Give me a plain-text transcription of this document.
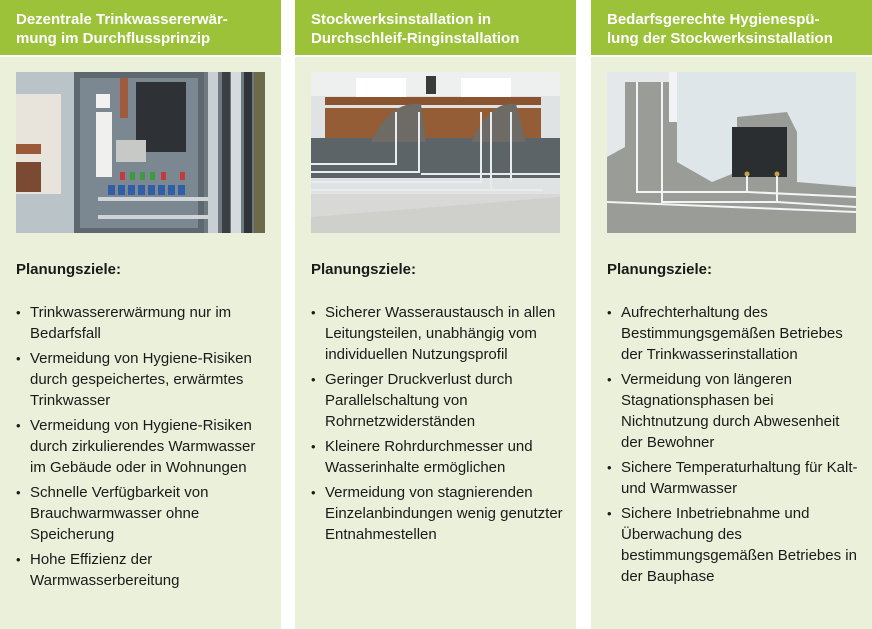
Dezentrale Trinkwassererwär-
mung im Durchflussprinzip
Planungsziele:
• Trinkwassererwärmung nur im Bedarfsfall
• Vermeidung von Hygiene-Risiken durch gespeichertes, erwärmtes Trinkwasser
• Vermeidung von Hygiene-Risiken durch zirkulierendes Warmwasser im Gebäude oder in Wohnungen
• Schnelle Verfügbarkeit von Brauchwarmwasser ohne Speicherung
• Hohe Effizienz der Warmwasserbereitung
Stockwerksinstallation in
Durchschleif-Ringinstallation
Planungsziele:
• Sicherer Wasseraustausch in allen Leitungsteilen, unabhängig vom individuellen Nutzungsprofil
• Geringer Druckverlust durch Parallelschaltung von Rohrnetzwiderständen
• Kleinere Rohrdurchmesser und Wasserinhalte ermöglichen
• Vermeidung von stagnierenden Einzelanbindungen wenig genutzter Entnahmestellen
Bedarfsgerechte Hygienespü-
lung der Stockwerksinstallation
Planungsziele:
• Aufrechterhaltung des Bestimmungsgemäßen Betriebes der Trinkwasserinstallation
• Vermeidung von längeren Stagnationsphasen bei Nichtnutzung durch Abwesenheit der Bewohner
• Sichere Temperaturhaltung für Kalt- und Warmwasser
• Sichere Inbetriebnahme und Überwachung des bestimmungsgemäßen Betriebes in der Bauphase
